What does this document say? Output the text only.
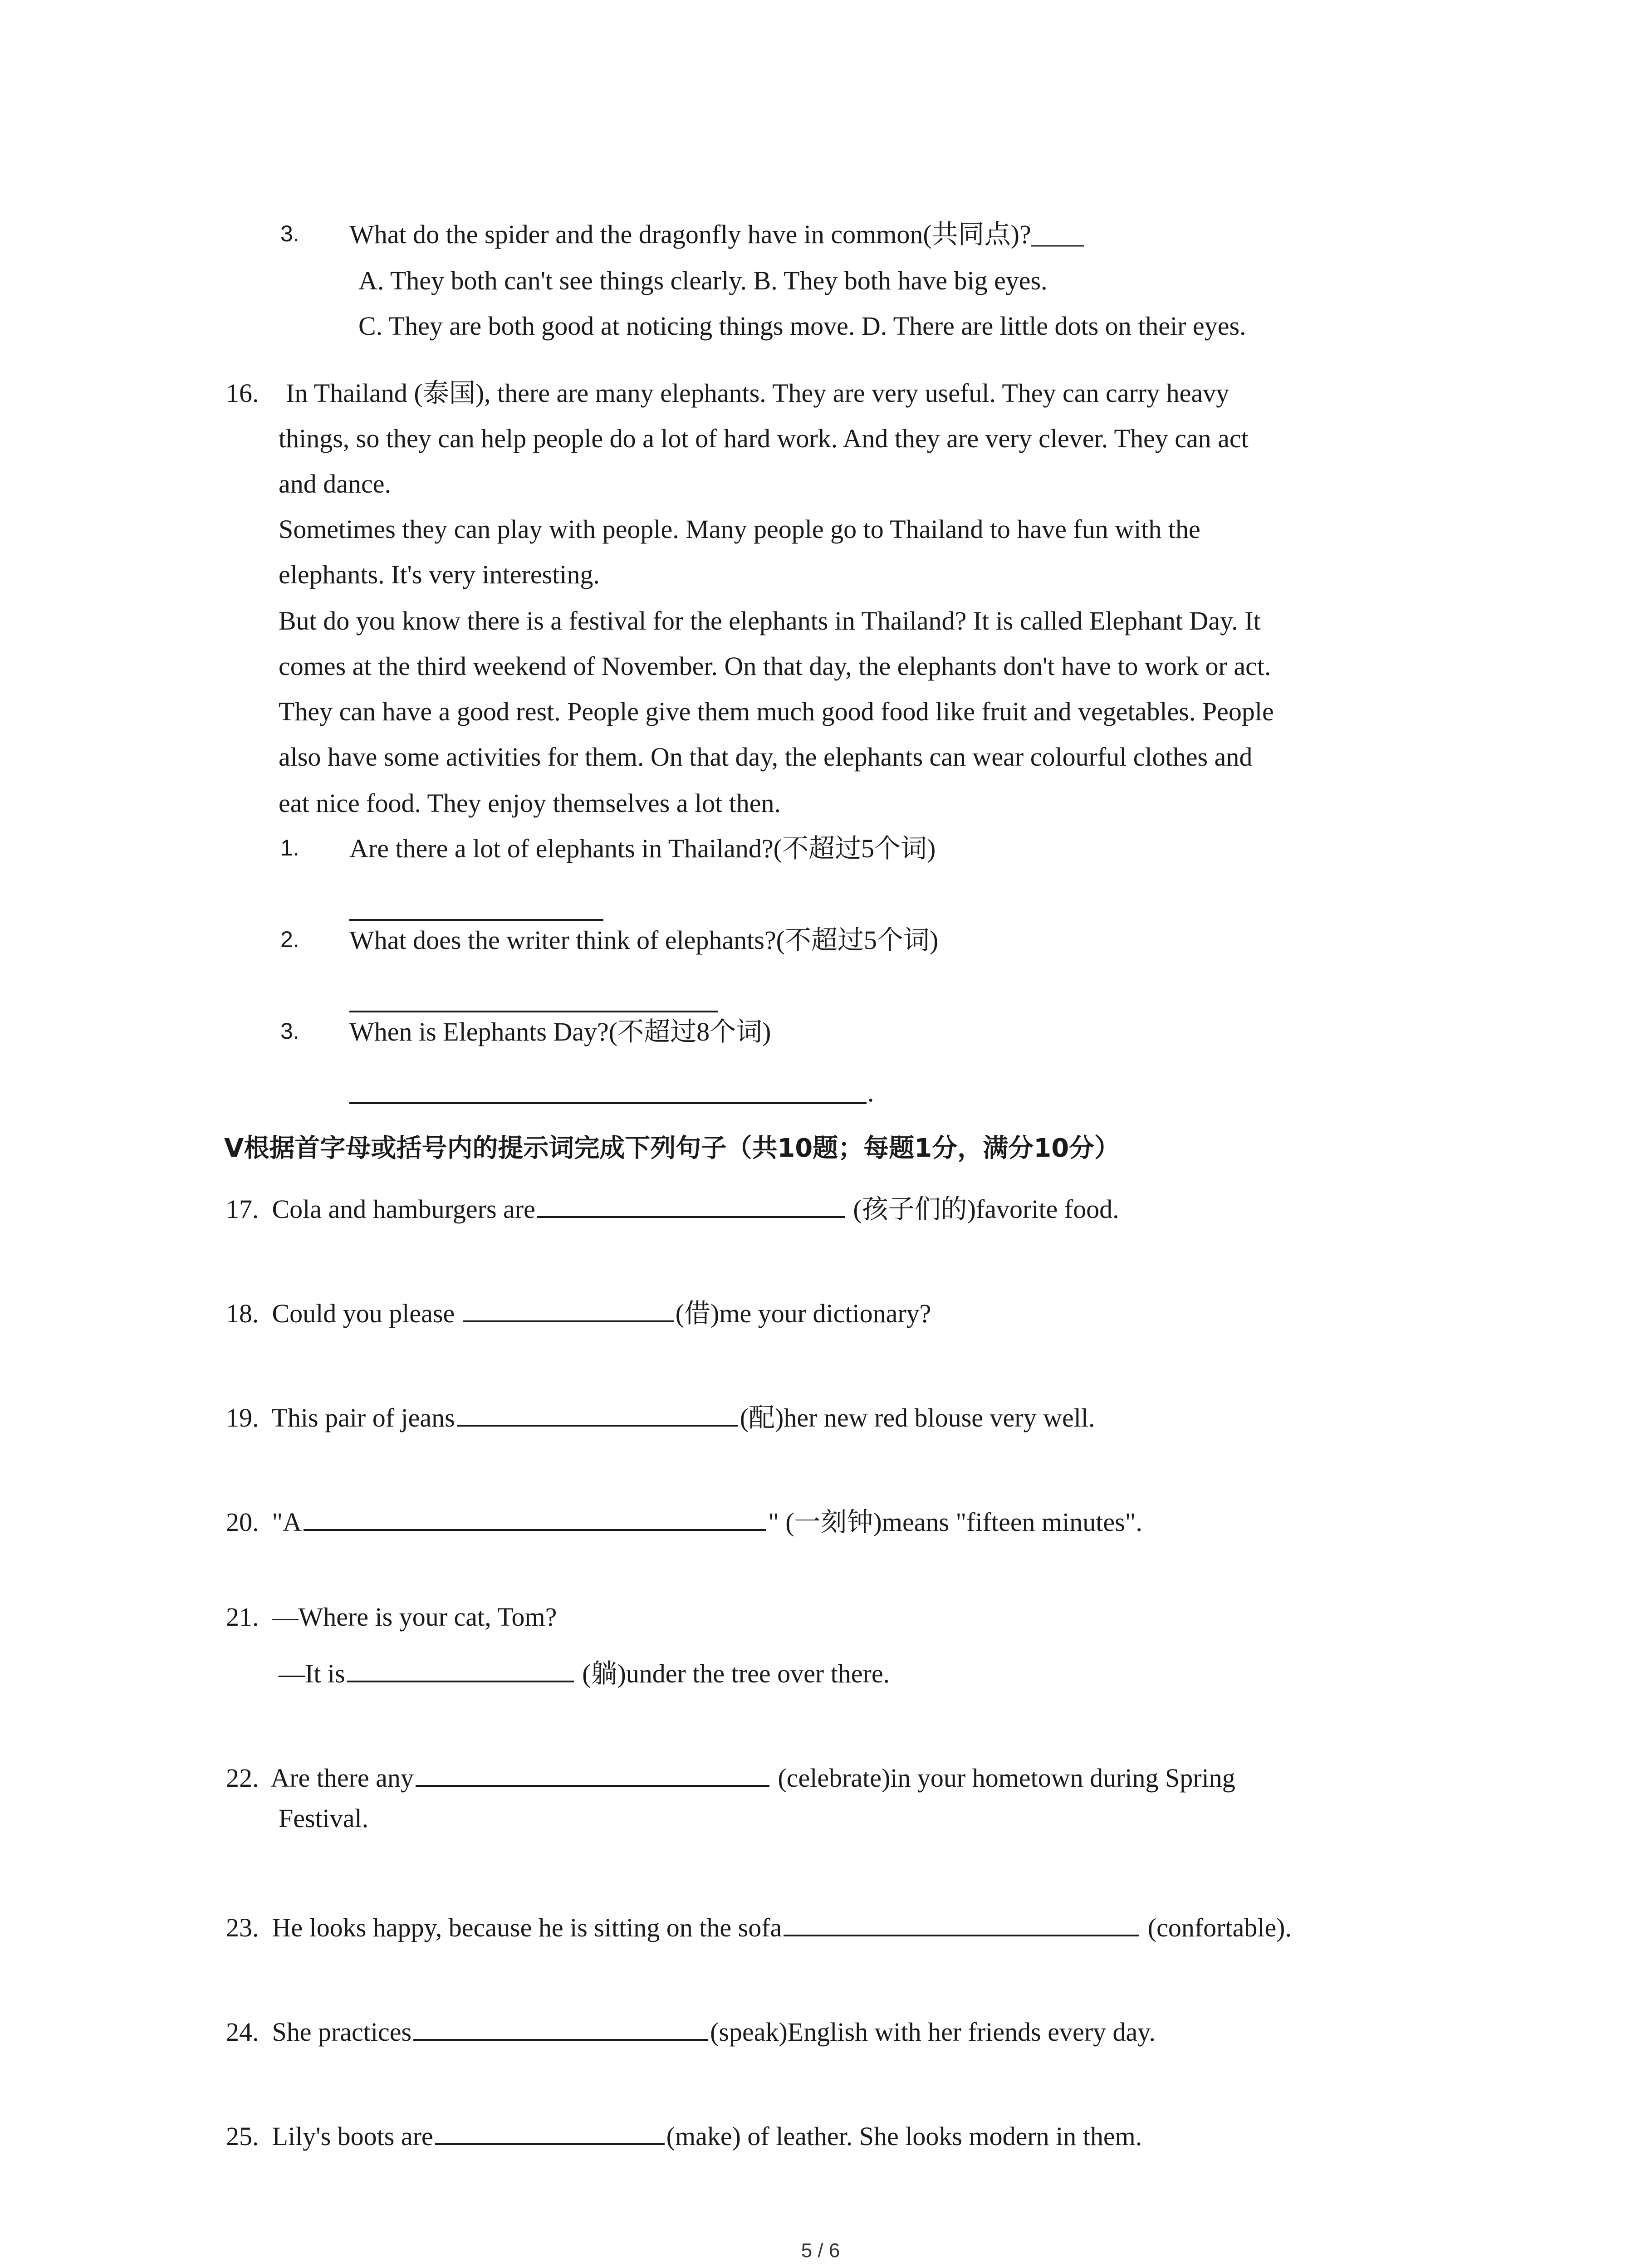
3. What do the spider and the dragonfly have in common(共同点)?____
A. They both can't see things clearly. B. They both have big eyes.
C. They are both good at noticing things move. D. There are little dots on their eyes.
16. In Thailand (泰国), there are many elephants. They are very useful. They can carry heavy
things, so they can help people do a lot of hard work. And they are very clever. They can act
and dance.
Sometimes they can play with people. Many people go to Thailand to have fun with the
elephants. It's very interesting.
But do you know there is a festival for the elephants in Thailand? It is called Elephant Day. It
comes at the third weekend of November. On that day, the elephants don't have to work or act.
They can have a good rest. People give them much good food like fruit and vegetables. People
also have some activities for them. On that day, the elephants can wear colourful clothes and
eat nice food. They enjoy themselves a lot then.
1. Are there a lot of elephants in Thailand?(不超过5个词)
2. What does the writer think of elephants?(不超过5个词)
3. When is Elephants Day?(不超过8个词)
.
Ⅴ根据首字母或括号内的提示词完成下列句子（共10题；每题1分，满分10分）
17. Cola and hamburgers are	(孩子们的)favorite food.
18. Could you please	(借)me your dictionary?
19. This pair of jeans	(配)her new red blouse very well.
20. "A	" (一刻钟)means "fifteen minutes".
21. —Where is your cat, Tom?
—It is	(躺)under the tree over there.
22. Are there any	(celebrate)in your hometown during Spring
Festival.
23. He looks happy, because he is sitting on the sofa	(confortable).
24. She practices	(speak)English with her friends every day.
25. Lily's boots are	(make) of leather. She looks modern in them.
5 / 6
